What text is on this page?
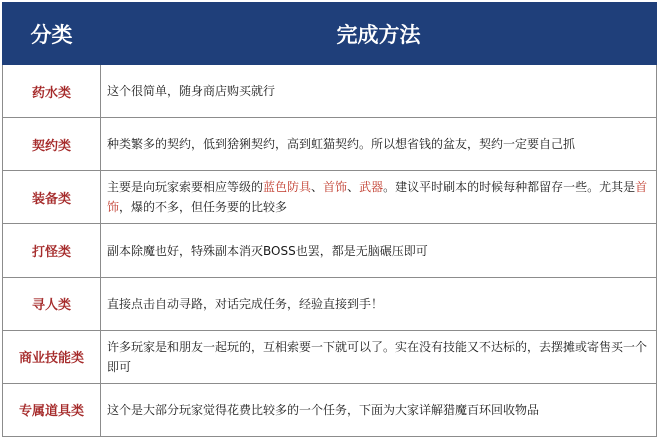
分类	完成方法
药水类	这个很简单，随身商店购买就行
契约类	种类繁多的契约，低到猞猁契约，高到虹猫契约。所以想省钱的盆友，契约一定要自己抓
装备类	主要是向玩家索要相应等级的蓝色防具、首饰、武器。建议平时刷本的时候每种都留存一些。尤其是首饰，爆的不多，但任务要的比较多
打怪类	副本除魔也好，特殊副本消灭BOSS也罢，都是无脑碾压即可
寻人类	直接点击自动寻路，对话完成任务，经验直接到手！
商业技能类	许多玩家是和朋友一起玩的，互相索要一下就可以了。实在没有技能又不达标的，去摆摊或寄售买一个即可
专属道具类	这个是大部分玩家觉得花费比较多的一个任务，下面为大家详解猎魔百环回收物品
